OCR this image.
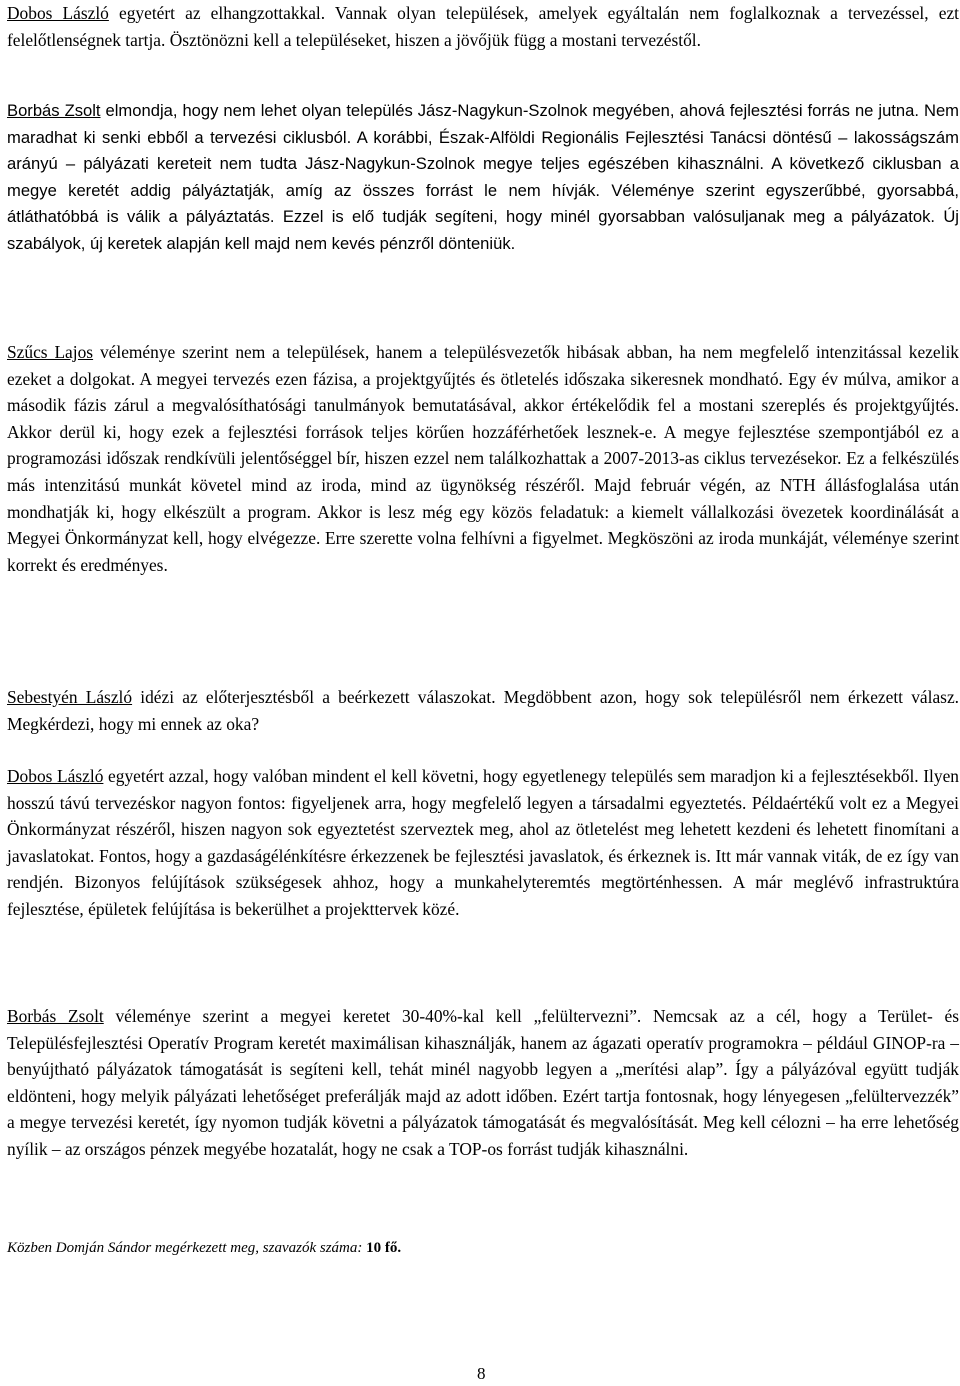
Dobos László egyetért az elhangzottakkal. Vannak olyan települések, amelyek egyáltalán nem foglalkoznak a tervezéssel, ezt felelőtlenségnek tartja. Ösztönözni kell a településeket, hiszen a jövőjük függ a mostani tervezéstől.

Borbás Zsolt elmondja, hogy nem lehet olyan település Jász-Nagykun-Szolnok megyében, ahová fejlesztési forrás ne jutna. Nem maradhat ki senki ebből a tervezési ciklusból. A korábbi, Észak-Alföldi Regionális Fejlesztési Tanácsi döntésű – lakosságszám arányú – pályázati kereteit nem tudta Jász-Nagykun-Szolnok megye teljes egészében kihasználni. A következő ciklusban a megye keretét addig pályáztatják, amíg az összes forrást le nem hívják. Véleménye szerint egyszerűbbé, gyorsabbá, átláthatóbbá is válik a pályáztatás. Ezzel is elő tudják segíteni, hogy minél gyorsabban valósuljanak meg a pályázatok. Új szabályok, új keretek alapján kell majd nem kevés pénzről dönteniük.

Szűcs Lajos véleménye szerint nem a települések, hanem a településvezetők hibásak abban, ha nem megfelelő intenzitással kezelik ezeket a dolgokat. A megyei tervezés ezen fázisa, a projektgyűjtés és ötletelés időszaka sikeresnek mondható. Egy év múlva, amikor a második fázis zárul a megvalósíthatósági tanulmányok bemutatásával, akkor értékelődik fel a mostani szereplés és projektgyűjtés. Akkor derül ki, hogy ezek a fejlesztési források teljes körűen hozzáférhetőek lesznek-e. A megye fejlesztése szempontjából ez a programozási időszak rendkívüli jelentőséggel bír, hiszen ezzel nem találkozhattak a 2007-2013-as ciklus tervezésekor. Ez a felkészülés más intenzitású munkát követel mind az iroda, mind az ügynökség részéről. Majd február végén, az NTH állásfoglalása után mondhatják ki, hogy elkészült a program. Akkor is lesz még egy közös feladatuk: a kiemelt vállalkozási övezetek koordinálását a Megyei Önkormányzat kell, hogy elvégezze. Erre szerette volna felhívni a figyelmet. Megköszöni az iroda munkáját, véleménye szerint korrekt és eredményes.

Sebestyén László idézi az előterjesztésből a beérkezett válaszokat. Megdöbbent azon, hogy sok településről nem érkezett válasz. Megkérdezi, hogy mi ennek az oka?

Dobos László egyetért azzal, hogy valóban mindent el kell követni, hogy egyetlenegy település sem maradjon ki a fejlesztésekből. Ilyen hosszú távú tervezéskor nagyon fontos: figyeljenek arra, hogy megfelelő legyen a társadalmi egyeztetés. Példaértékű volt ez a Megyei Önkormányzat részéről, hiszen nagyon sok egyeztetést szerveztek meg, ahol az ötletelést meg lehetett kezdeni és lehetett finomítani a javaslatokat. Fontos, hogy a gazdaságélénkítésre érkezzenek be fejlesztési javaslatok, és érkeznek is. Itt már vannak viták, de ez így van rendjén. Bizonyos felújítások szükségesek ahhoz, hogy a munkahelyteremtés megtörténhessen. A már meglévő infrastruktúra fejlesztése, épületek felújítása is bekerülhet a projekttervek közé.

Borbás Zsolt véleménye szerint a megyei keretet 30-40%-kal kell „felültervezni”. Nemcsak az a cél, hogy a Terület- és Településfejlesztési Operatív Program keretét maximálisan kihasználják, hanem az ágazati operatív programokra – például GINOP-ra – benyújtható pályázatok támogatását is segíteni kell, tehát minél nagyobb legyen a „merítési alap”. Így a pályázóval együtt tudják eldönteni, hogy melyik pályázati lehetőséget preferálják majd az adott időben. Ezért tartja fontosnak, hogy lényegesen „felültervezzék” a megye tervezési keretét, így nyomon tudják követni a pályázatok támogatását és megvalósítását. Meg kell célozni – ha erre lehetőség nyílik – az országos pénzek megyébe hozatalát, hogy ne csak a TOP-os forrást tudják kihasználni.

Közben Domján Sándor megérkezett meg, szavazók száma: 10 fő.
8
